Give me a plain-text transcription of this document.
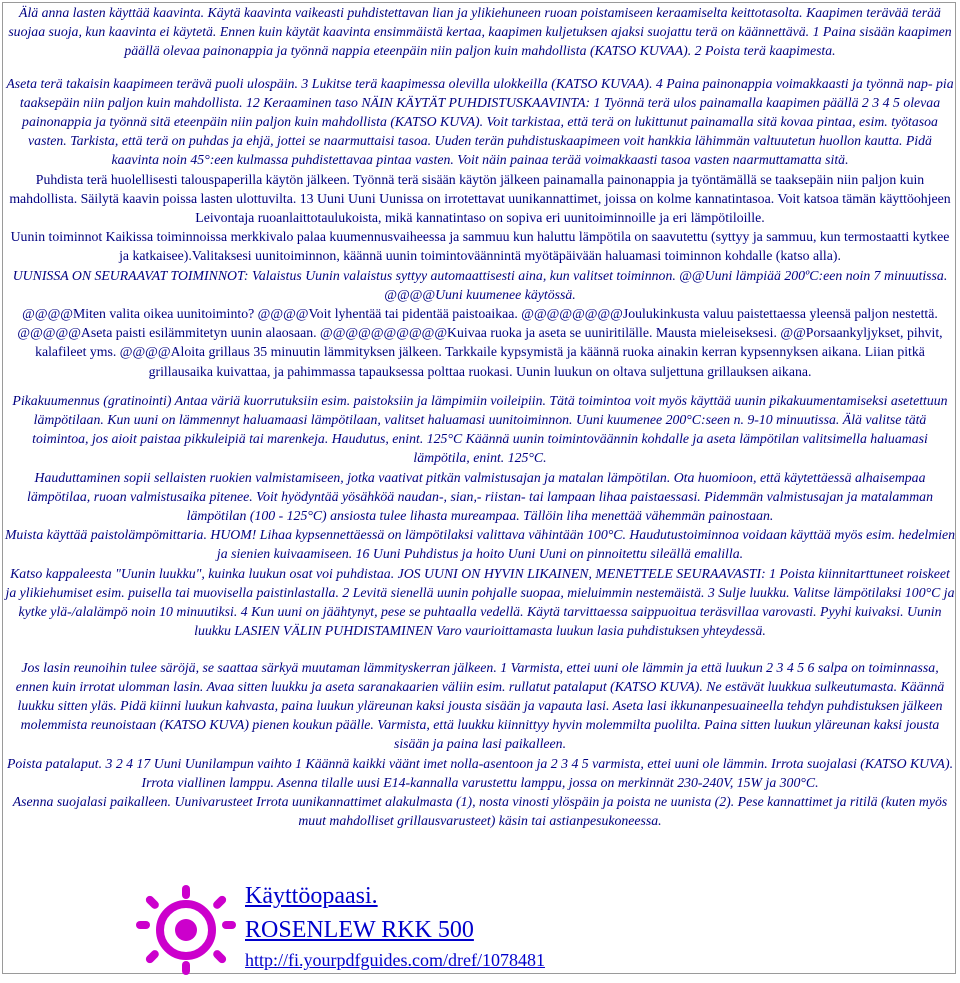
Älä anna lasten käyttää kaavinta. Käytä kaavinta vaikeasti puhdistettavan lian ja ylikiehuneen ruoan poistamiseen keraamiselta keittotasolta. Kaapimen terävää terää suojaa suoja, kun kaavinta ei käytetä. Ennen kuin käytät kaavinta ensimmäistä kertaa, kaapimen kuljetuksen ajaksi suojattu terä on käännettävä. 1 Paina sisään kaapimen päällä olevaa painonappia ja työnnä nappia eteenpäin niin paljon kuin mahdollista (KATSO KUVAA). 2 Poista terä kaapimesta.

Aseta terä takaisin kaapimeen terävä puoli ulospäin. 3 Lukitse terä kaapimessa olevilla ulokkeilla (KATSO KUVAA). 4 Paina painonappia voimakkaasti ja työnnä nap- pia taaksepäin niin paljon kuin mahdollista. 12 Keraaminen taso NÄIN KÄYTÄT PUHDISTUSKAAVINTA: 1 Työnnä terä ulos painamalla kaapimen päällä 2 3 4 5 olevaa painonappia ja työnnä sitä eteenpäin niin paljon kuin mahdollista (KATSO KUVA). Voit tarkistaa, että terä on lukittunut painamalla sitä kovaa pintaa, esim. työtasoa vasten. Tarkista, että terä on puhdas ja ehjä, jottei se naarmuttaisi tasoa. Uuden terän puhdistuskaapimeen voit hankkia lähimmän valtuutetun huollon kautta. Pidä kaavinta noin 45°:een kulmassa puhdistettavaa pintaa vasten. Voit näin painaa terää voimakkaasti tasoa vasten naarmuttamatta sitä.

Puhdista terä huolellisesti talouspaperilla käytön jälkeen. Työnnä terä sisään käytön jälkeen painamalla painonappia ja työntämällä se taaksepäin niin paljon kuin mahdollista. Säilytä kaavin poissa lasten ulottuvilta. 13 Uuni Uuni Uunissa on irrotettavat uunikannattimet, joissa on kolme kannatintasoa. Voit katsoa tämän käyttöohjeen Leivontaja ruoanlaittotaulukoista, mikä kannatintaso on sopiva eri uunitoiminnoille ja eri lämpötiloille.

Uunin toiminnot Kaikissa toiminnoissa merkkivalo palaa kuumennusvaiheessa ja sammuu kun haluttu lämpötila on saavutettu (syttyy ja sammuu, kun termostaatti kytkee ja katkaisee).Valitaksesi uunitoiminnon, käännä uunin toimintoväännintä myötäpäivään haluamasi toiminnon kohdalle (katso alla).

UUNISSA ON SEURAAVAT TOIMINNOT: Valaistus Uunin valaistus syttyy automaattisesti aina, kun valitset toiminnon. @@Uuni lämpiää 200ºC:een noin 7 minuutissa. @@@@Uuni kuumenee käytössä.

@@@@Miten valita oikea uunitoiminto? @@@@Voit lyhentää tai pidentää paistoaikaa. @@@@@@@@Joulukinkusta valuu paistettaessa yleensä paljon nestettä. @@@@@Aseta paisti esilämmitetyn uunin alaosaan. @@@@@@@@@@Kuivaa ruoka ja aseta se uuniritilälle. Mausta mieleiseksesi. @@Porsaankyljykset, pihvit, kalafileet yms. @@@@Aloita grillaus 35 minuutin lämmityksen jälkeen. Tarkkaile kypsymistä ja käännä ruoka ainakin kerran kypsennyksen aikana. Liian pitkä grillausaika kuivattaa, ja pahimmassa tapauksessa polttaa ruokasi. Uunin luukun on oltava suljettuna grillauksen aikana.

Pikakuumennus (gratinointi) Antaa väriä kuorrutuksiin esim. paistoksiin ja lämpimiin voileipiin. Tätä toimintoa voit myös käyttää uunin pikakuumentamiseksi asetettuun lämpötilaan. Kun uuni on lämmennyt haluamaasi lämpötilaan, valitset haluamasi uunitoiminnon. Uuni kuumenee 200°C:seen n. 9-10 minuutissa. Älä valitse tätä toimintoa, jos aioit paistaa pikkuleipiä tai marenkeja. Haudutus, enint. 125°C Käännä uunin toimintoväännin kohdalle ja aseta lämpötilan valitsimella haluamasi lämpötila, enint. 125°C.

Hauduttaminen sopii sellaisten ruokien valmistamiseen, jotka vaativat pitkän valmistusajan ja matalan lämpötilan. Ota huomioon, että käytettäessä alhaisempaa lämpötilaa, ruoan valmistusaika pitenee. Voit hyödyntää yösähköä naudan-, sian,- riistan- tai lampaan lihaa paistaessasi. Pidemmän valmistusajan ja matalamman lämpötilan (100 - 125°C) ansiosta tulee lihasta mureampaa. Tällöin liha menettää vähemmän painostaan.

Muista käyttää paistolämpömittaria. HUOM! Lihaa kypsennettäessä on lämpötilaksi valittava vähintään 100°C. Haudutustoiminnoa voidaan käyttää myös esim. hedelmien ja sienien kuivaamiseen. 16 Uuni Puhdistus ja hoito Uuni Uuni on pinnoitettu sileällä emalilla.

Katso kappaleesta "Uunin luukku", kuinka luukun osat voi puhdistaa. JOS UUNI ON HYVIN LIKAINEN, MENETTELE SEURAAVASTI: 1 Poista kiinnitarttuneet roiskeet ja ylikiehumiset esim. puisella tai muovisella paistinlastalla. 2 Levitä sienellä uunin pohjalle suopaa, mieluimmin nestemäistä. 3 Sulje luukku. Valitse lämpötilaksi 100°C ja kytke ylä-/alalämpö noin 10 minuutiksi. 4 Kun uuni on jäähtynyt, pese se puhtaalla vedellä. Käytä tarvittaessa saippuoitua teräsvillaa varovasti. Pyyhi kuivaksi. Uunin luukku LASIEN VÄLIN PUHDISTAMINEN Varo vaurioittamasta luukun lasia puhdistuksen yhteydessä.

Jos lasin reunoihin tulee säröjä, se saattaa särkyä muutaman lämmityskerran jälkeen. 1 Varmista, ettei uuni ole lämmin ja että luukun 2 3 4 5 6 salpa on toiminnassa, ennen kuin irrotat ulomman lasin. Avaa sitten luukku ja aseta saranakaarien väliin esim. rullatut patalaput (KATSO KUVA). Ne estävät luukkua sulkeutumasta. Käännä luukku sitten yläs. Pidä kiinni luukun kahvasta, paina luukun yläreunan kaksi jousta sisään ja vapauta lasi. Aseta lasi ikkunanpesuaineella tehdyn puhdistuksen jälkeen molemmista reunoistaan (KATSO KUVA) pienen koukun päälle. Varmista, että luukku kiinnittyy hyvin molemmilta puolilta. Paina sitten luukun yläreunan kaksi jousta sisään ja paina lasi paikalleen.

Poista patalaput. 3 2 4 17 Uuni Uunilampun vaihto 1 Käännä kaikki väänt imet nolla-asentoon ja 2 3 4 5 varmista, ettei uuni ole lämmin. Irrota suojalasi (KATSO KUVA). Irrota viallinen lamppu. Asenna tilalle uusi E14-kannalla varustettu lamppu, jossa on merkinnät 230-240V, 15W ja 300°C.

Asenna suojalasi paikalleen. Uunivarusteet Irrota uunikannattimet alakulmasta (1), nosta vinosti ylöspäin ja poista ne uunista (2). Pese kannattimet ja ritilä (kuten myös muut mahdolliset grillausvarusteet) käsin tai astianpesukoneessa.

Käyttöopaasi.
ROSENLEW RKK 500
http://fi.yourpdfguides.com/dref/1078481
